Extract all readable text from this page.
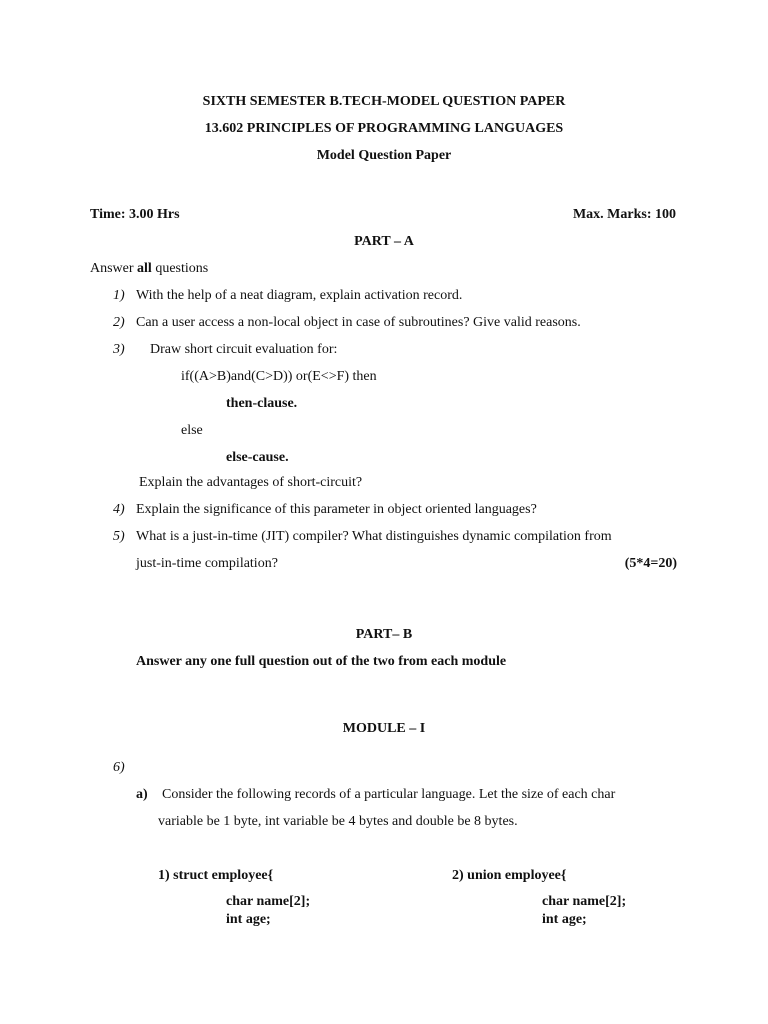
SIXTH SEMESTER B.TECH-MODEL QUESTION PAPER
13.602 PRINCIPLES OF PROGRAMMING LANGUAGES
Model Question Paper
Time: 3.00 Hrs	Max. Marks: 100
PART – A
Answer all questions
1) With the help of a neat diagram, explain activation record.
2) Can a user access a non-local object in case of subroutines? Give valid reasons.
3) Draw short circuit evaluation for:
if((A>B)and(C>D)) or(E<>F) then
then-clause.
else
else-cause.
Explain the advantages of short-circuit?
4) Explain the significance of this parameter in object oriented languages?
5) What is a just-in-time (JIT) compiler? What distinguishes dynamic compilation from
just-in-time compilation?	(5*4=20)
PART– B
Answer any one full question out of the two from each module
MODULE – I
6)
a) Consider the following records of a particular language. Let the size of each char
variable be 1 byte, int variable be 4 bytes and double be 8 bytes.
1) struct employee{
char name[2];
int age;
2) union employee{
char name[2];
int age;
